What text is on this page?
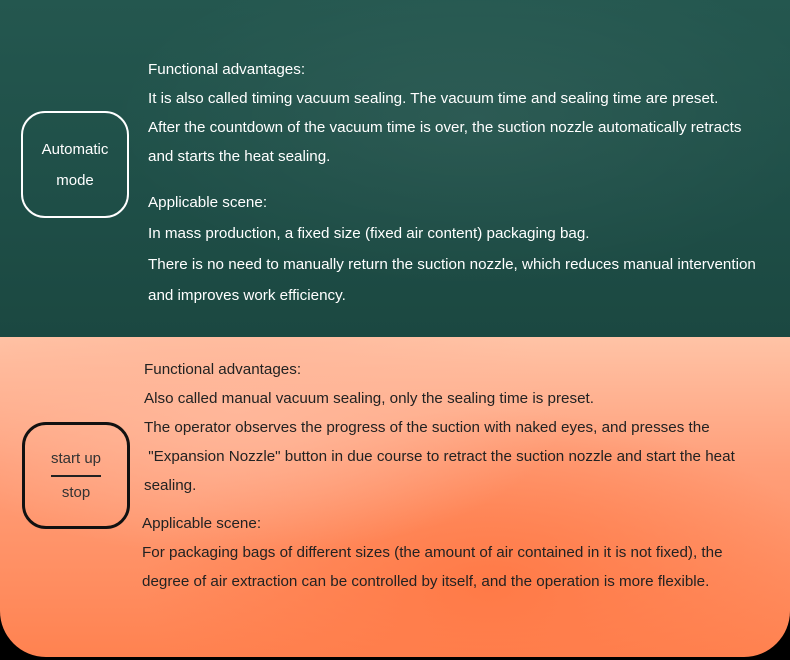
Automatic
mode
Functional advantages:
It is also called timing vacuum sealing. The vacuum time and sealing time are preset.
After the countdown of the vacuum time is over, the suction nozzle automatically retracts
and starts the heat sealing.
Applicable scene:
In mass production, a fixed size (fixed air content) packaging bag.
There is no need to manually return the suction nozzle, which reduces manual intervention
and improves work efficiency.
start up
stop
Functional advantages:
Also called manual vacuum sealing, only the sealing time is preset.
The operator observes the progress of the suction with naked eyes, and presses the
"Expansion Nozzle" button in due course to retract the suction nozzle and start the heat
sealing.
Applicable scene:
For packaging bags of different sizes (the amount of air contained in it is not fixed), the
degree of air extraction can be controlled by itself, and the operation is more flexible.
